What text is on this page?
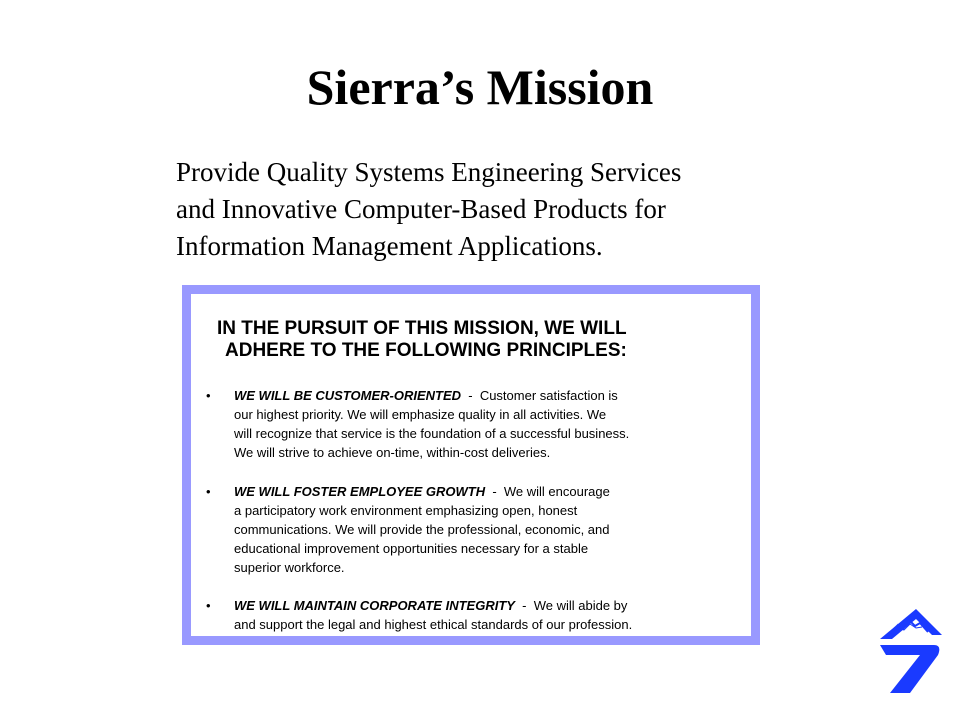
Sierra’s Mission
Provide Quality Systems Engineering Services
and Innovative Computer-Based Products for
Information Management Applications.
IN THE PURSUIT OF THIS MISSION, WE WILL
ADHERE TO THE FOLLOWING PRINCIPLES:
• WE WILL BE CUSTOMER-ORIENTED  -  Customer satisfaction is
our highest priority. We will emphasize quality in all activities. We
will recognize that service is the foundation of a successful business.
We will strive to achieve on-time, within-cost deliveries.
• WE WILL FOSTER EMPLOYEE GROWTH  -  We will encourage
a participatory work environment emphasizing open, honest
communications. We will provide the professional, economic, and
educational improvement opportunities necessary for a stable
superior workforce.
• WE WILL MAINTAIN CORPORATE INTEGRITY  -  We will abide by
and support the legal and highest ethical standards of our profession.
